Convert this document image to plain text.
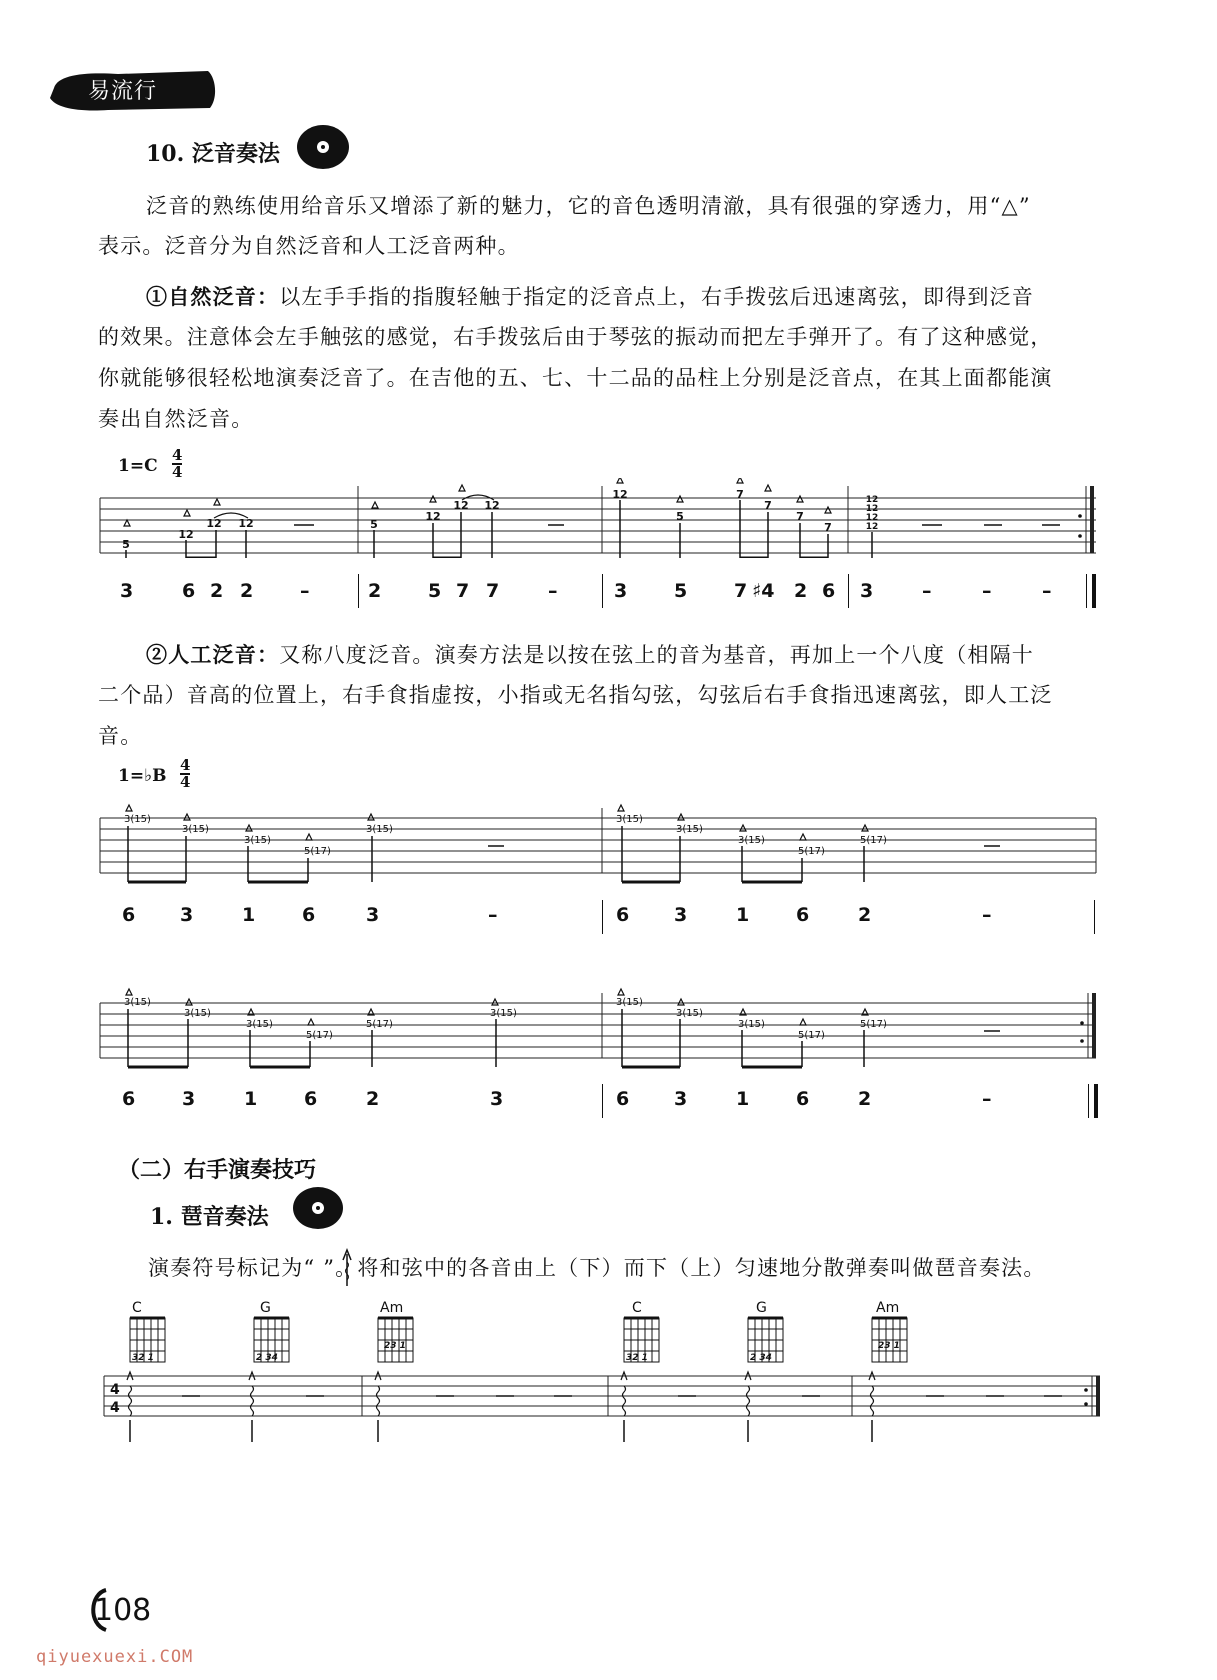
易流行
10. 泛音奏法
泛音的熟练使用给音乐又增添了新的魅力，它的音色透明清澈，具有很强的穿透力，用“△”
表示。泛音分为自然泛音和人工泛音两种。
①自然泛音：以左手手指的指腹轻触于指定的泛音点上，右手拨弦后迅速离弦，即得到泛音
的效果。注意体会左手触弦的感觉，右手拨弦后由于琴弦的振动而把左手弹开了。有了这种感觉，
你就能够很轻松地演奏泛音了。在吉他的五、七、十二品的品柱上分别是泛音点，在其上面都能演
奏出自然泛音。
1=C
4
4
5
12
12 12	5
12
12 12
12
5
7
7
7
7
12
12
12
12
3	6 2 2 –	2 5 7 7	–	3 5 7 ♯4 2 6 3	–	–	–
②人工泛音：又称八度泛音。演奏方法是以按在弦上的音为基音，再加上一个八度（相隔十
二个品）音高的位置上，右手食指虚按，小指或无名指勾弦，勾弦后右手食指迅速离弦，即人工泛
音。
1=♭B
4
4
3(15)
3(15)
3(15)
5(17)
3(15)
3(15)
3(15)
3(15)
5(17)
5(17)
6 3	1 6	3	–	6 3	1 6	2	–
3(15)
3(15)
3(15)
5(17)
5(17)
3(15)
3(15)
3(15)
3(15)
5(17)
5(17)
6 3	1 6	2	3	6 3	1 6	2	–
（二）右手演奏技巧
1. 琶音奏法
演奏符号标记为“ ”。将和弦中的各音由上（下）而下（上）匀速地分散弹奏叫做琶音奏法。
C	G	Am	C	G	Am
32 1	2 34
23 1
32 1	2 34
23 1
4
4
108
qiyuexuexi.COM
